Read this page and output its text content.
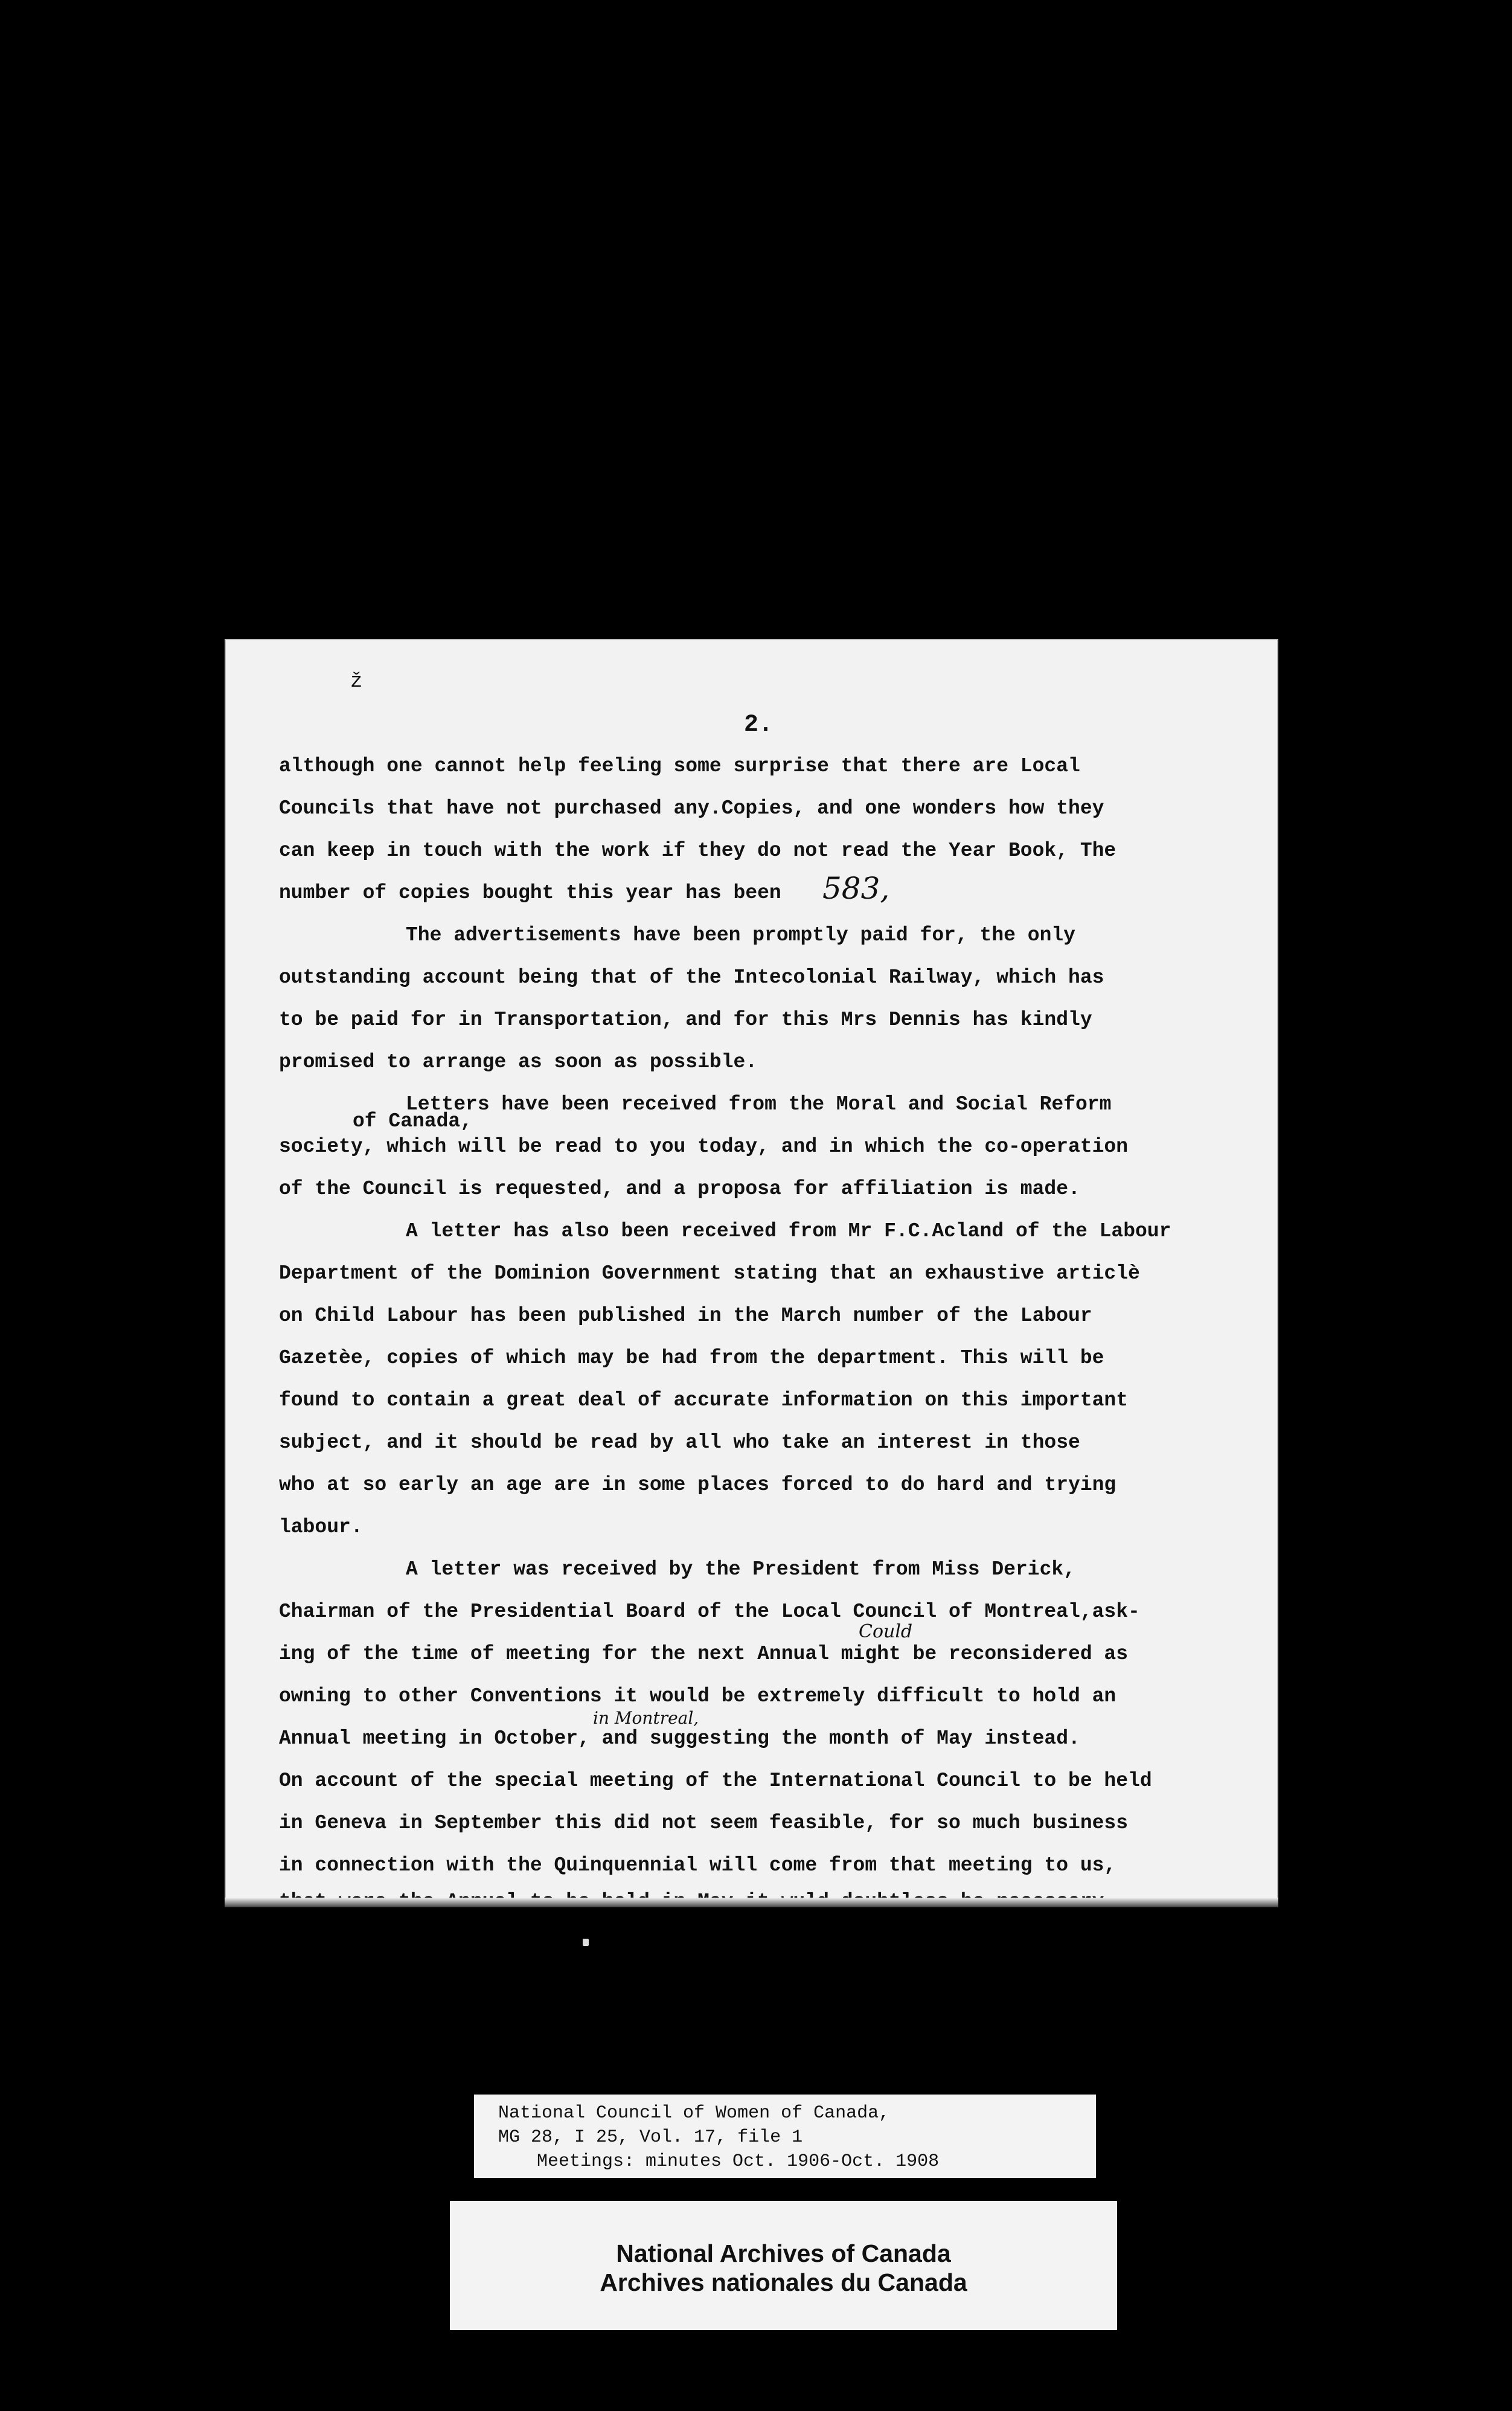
ž
2.
although one cannot help feeling some surprise that there are Local
Councils that have not purchased any.Copies, and one wonders how they
can keep in touch with the work if they do not read the Year Book, The
number of copies bought this year has been	583,
The advertisements have been promptly paid for, the only
outstanding account being that of the Intecolonial Railway, which has
to be paid for in Transportation, and for this Mrs Dennis has kindly
promised to arrange as soon as possible.
Letters have been received from the Moral and Social Reform
of Canada,
society, which will be read to you today, and in which the co-operation
of the Council is requested, and a proposa for affiliation is made.
A letter has also been received from Mr F.C.Acland of the Labour
Department of the Dominion Government stating that an exhaustive articlè
on Child Labour has been published in the March number of the Labour
Gazetèe, copies of which may be had from the department. This will be
found to contain a great deal of accurate information on this important
subject, and it should be read by all who take an interest in those
who at so early an age are in some places forced to do hard and trying
labour.
A letter was received by the President from Miss Derick,
Chairman of the Presidential Board of the Local Council of Montreal,ask-
Could
ing of the time of meeting for the next Annual might be reconsidered as
owning to other Conventions it would be extremely difficult to hold an
in Montreal,
Annual meeting in October, and suggesting the month of May instead.
On account of the special meeting of the International Council to be held
in Geneva in September this did not seem feasible, for so much business
in connection with the Quinquennial will come from that meeting to us,
National Council of Women of Canada,
MG 28, I 25, Vol. 17, file 1
Meetings: minutes Oct. 1906-Oct. 1908
National Archives of Canada
Archives nationales du Canada
